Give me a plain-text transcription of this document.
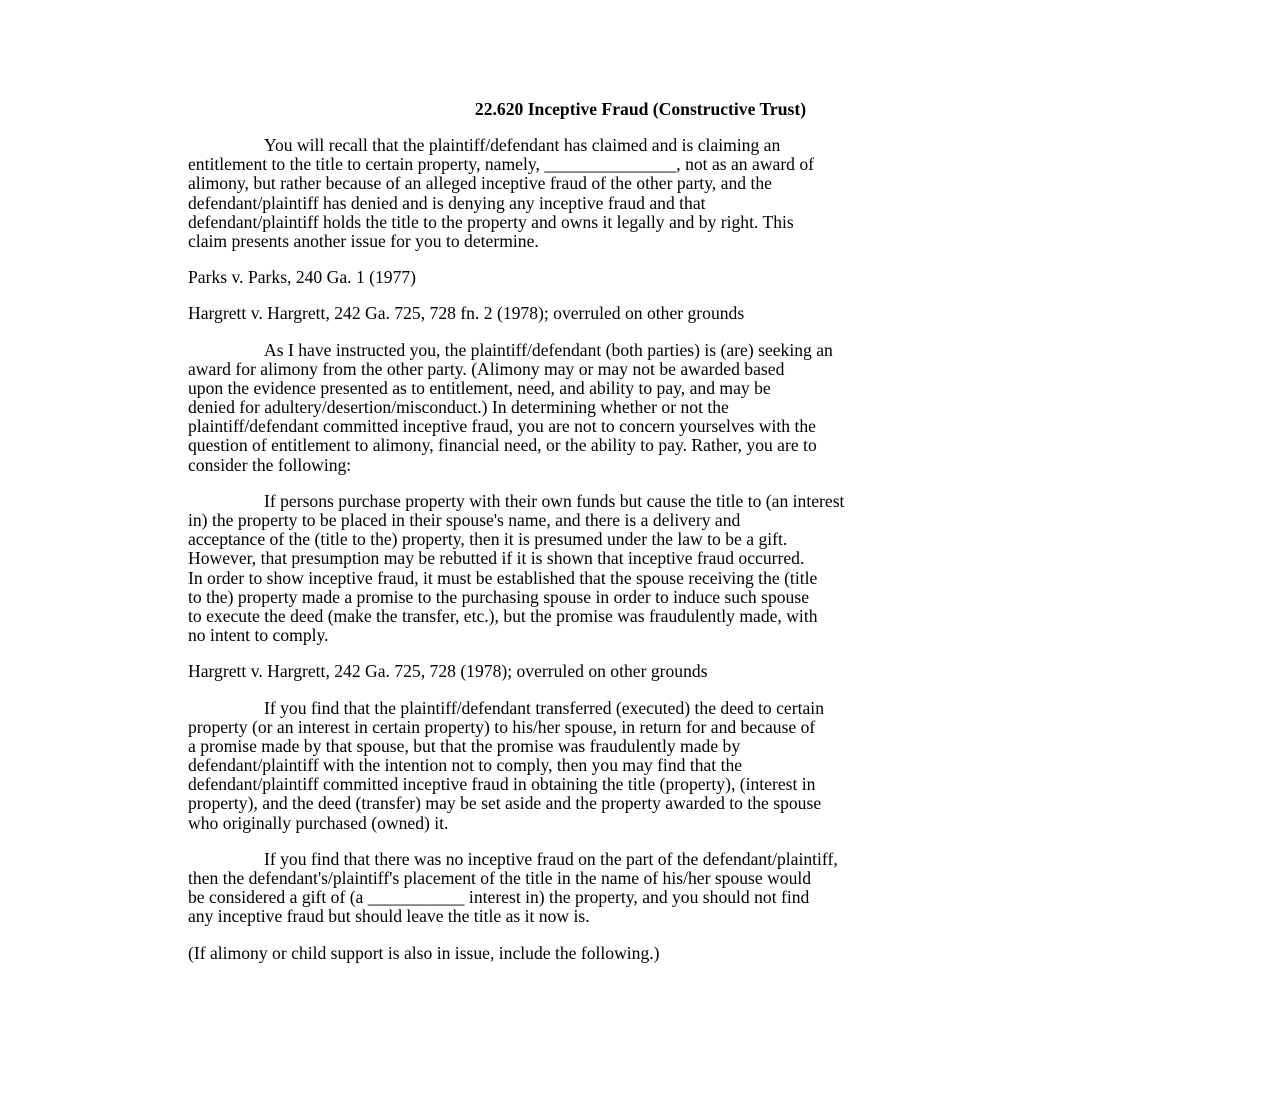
22.620 Inceptive Fraud (Constructive Trust)
You will recall that the plaintiff/defendant has claimed and is claiming an
entitlement to the title to certain property, namely, _______________, not as an award of
alimony, but rather because of an alleged inceptive fraud of the other party, and the
defendant/plaintiff has denied and is denying any inceptive fraud and that
defendant/plaintiff holds the title to the property and owns it legally and by right. This
claim presents another issue for you to determine.
Parks v. Parks, 240 Ga. 1 (1977)
Hargrett v. Hargrett, 242 Ga. 725, 728 fn. 2 (1978); overruled on other grounds
As I have instructed you, the plaintiff/defendant (both parties) is (are) seeking an
award for alimony from the other party. (Alimony may or may not be awarded based
upon the evidence presented as to entitlement, need, and ability to pay, and may be
denied for adultery/desertion/misconduct.) In determining whether or not the
plaintiff/defendant committed inceptive fraud, you are not to concern yourselves with the
question of entitlement to alimony, financial need, or the ability to pay. Rather, you are to
consider the following:
If persons purchase property with their own funds but cause the title to (an interest
in) the property to be placed in their spouse's name, and there is a delivery and
acceptance of the (title to the) property, then it is presumed under the law to be a gift.
However, that presumption may be rebutted if it is shown that inceptive fraud occurred.
In order to show inceptive fraud, it must be established that the spouse receiving the (title
to the) property made a promise to the purchasing spouse in order to induce such spouse
to execute the deed (make the transfer, etc.), but the promise was fraudulently made, with
no intent to comply.
Hargrett v. Hargrett, 242 Ga. 725, 728 (1978); overruled on other grounds
If you find that the plaintiff/defendant transferred (executed) the deed to certain
property (or an interest in certain property) to his/her spouse, in return for and because of
a promise made by that spouse, but that the promise was fraudulently made by
defendant/plaintiff with the intention not to comply, then you may find that the
defendant/plaintiff committed inceptive fraud in obtaining the title (property), (interest in
property), and the deed (transfer) may be set aside and the property awarded to the spouse
who originally purchased (owned) it.
If you find that there was no inceptive fraud on the part of the defendant/plaintiff,
then the defendant's/plaintiff's placement of the title in the name of his/her spouse would
be considered a gift of (a ___________ interest in) the property, and you should not find
any inceptive fraud but should leave the title as it now is.
(If alimony or child support is also in issue, include the following.)
